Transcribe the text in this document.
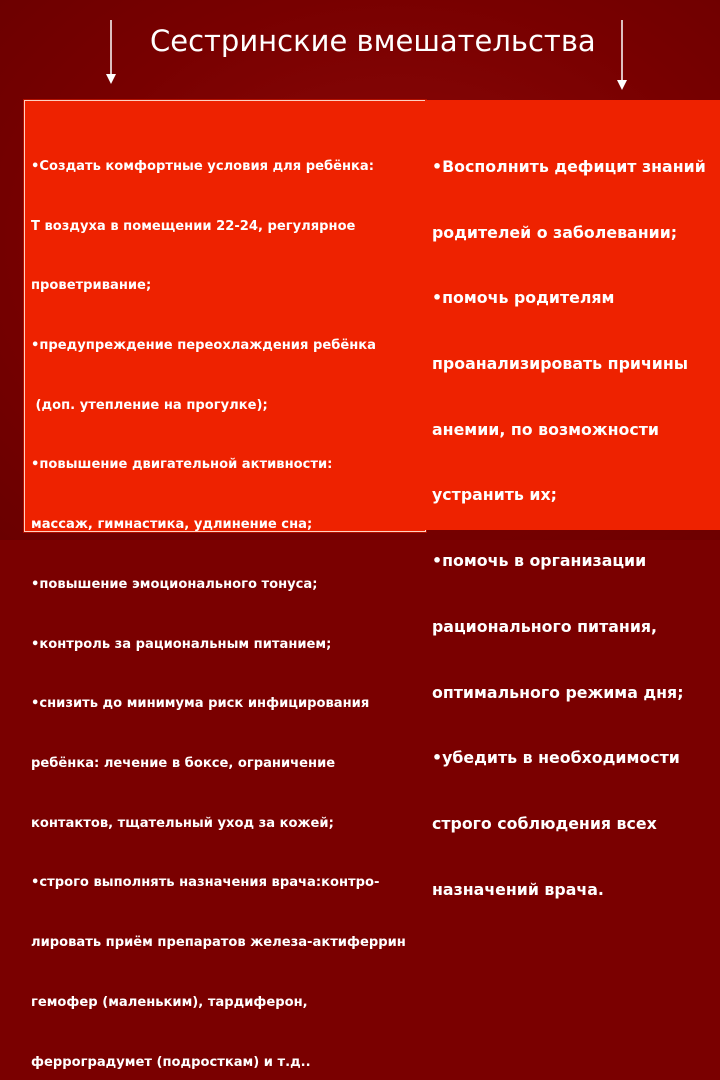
Сестринские вмешательства

•Создать комфортные условия для ребёнка:

Т воздуха в помещении 22-24, регулярное

проветривание;

•предупреждение переохлаждения ребёнка

(доп. утепление на прогулке);

•повышение двигательной активности:

массаж, гимнастика, удлинение сна;

•повышение эмоционального тонуса;

•контроль за рациональным питанием;

•снизить до минимума риск инфицирования

ребёнка: лечение в боксе, ограничение

контактов, тщательный уход за кожей;

•строго выполнять назначения врача:контро-

лировать приём препаратов железа-актиферрин

гемофер (маленьким), тардиферон,

ферроградумет (подросткам) и т.д..

•Восполнить дефицит знаний

родителей о заболевании;

•помочь родителям

проанализировать причины

анемии, по возможности

устранить их;

•помочь в организации

рационального питания,

оптимального режима дня;

•убедить в необходимости

строго соблюдения всех

назначений врача.
